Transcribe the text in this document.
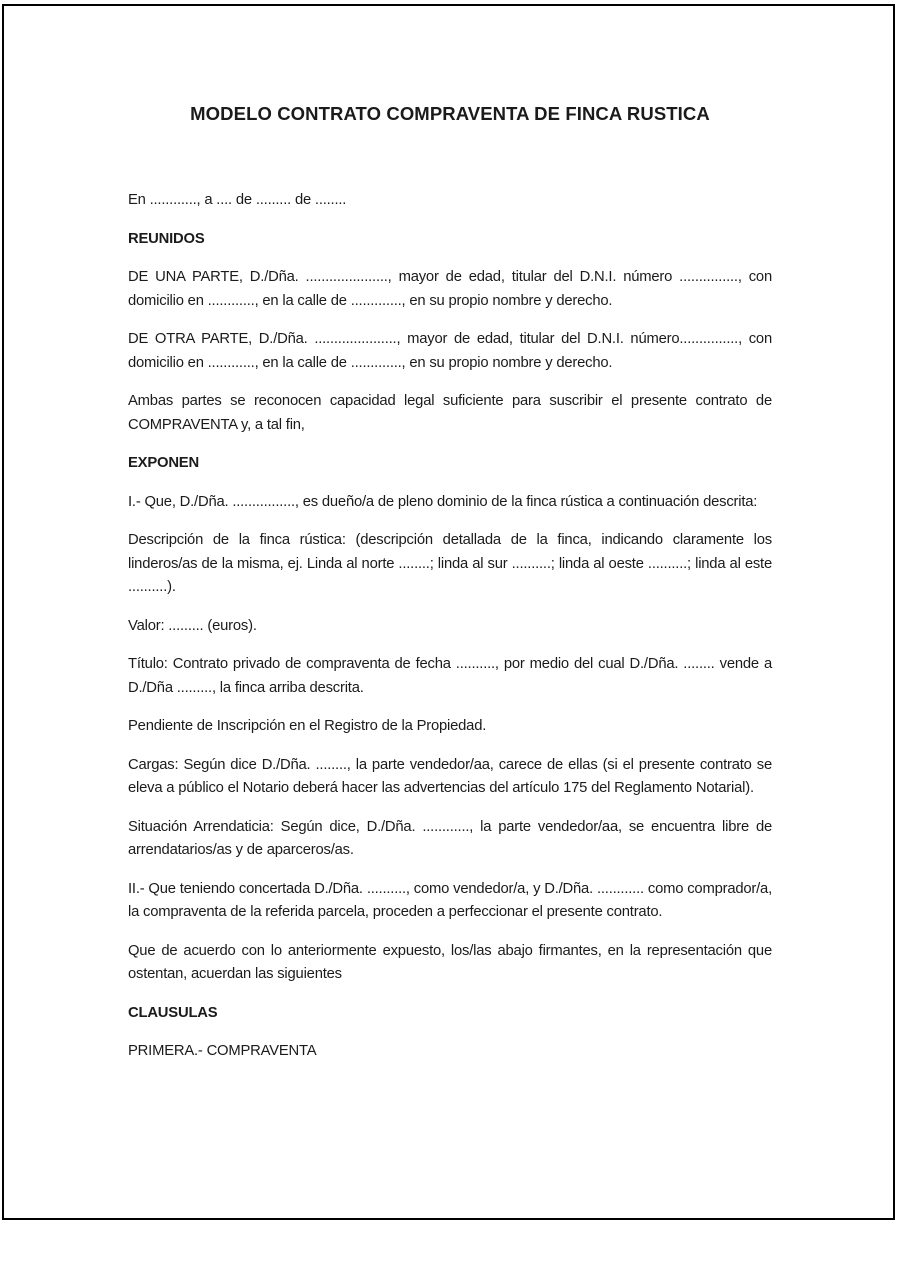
MODELO CONTRATO COMPRAVENTA DE FINCA RUSTICA

En ............, a .... de ......... de ........

REUNIDOS

DE UNA PARTE, D./Dña. ....................., mayor de edad, titular del D.N.I. número ..............., con domicilio en ............, en la calle de ............., en su propio nombre y derecho.

DE OTRA PARTE, D./Dña. ....................., mayor de edad, titular del D.N.I. número..............., con domicilio en ............, en la calle de ............., en su propio nombre y derecho.

Ambas partes se reconocen capacidad legal suficiente para suscribir el presente contrato de COMPRAVENTA y, a tal fin,

EXPONEN

I.- Que, D./Dña. ................, es dueño/a de pleno dominio de la finca rústica a continuación descrita:

Descripción de la finca rústica: (descripción detallada de la finca, indicando claramente los linderos/as de la misma, ej. Linda al norte ........; linda al sur ..........; linda al oeste ..........; linda al este ..........).

Valor: ......... (euros).

Título: Contrato privado de compraventa de fecha .........., por medio del cual D./Dña. ........ vende a D./Dña ........., la finca arriba descrita.

Pendiente de Inscripción en el Registro de la Propiedad.

Cargas: Según dice D./Dña. ........, la parte vendedor/aa, carece de ellas (si el presente contrato se eleva a público el Notario deberá hacer las advertencias del artículo 175 del Reglamento Notarial).

Situación Arrendaticia: Según dice, D./Dña. ............, la parte vendedor/aa, se encuentra libre de arrendatarios/as y de aparceros/as.

II.- Que teniendo concertada D./Dña. .........., como vendedor/a, y D./Dña. ............ como comprador/a, la compraventa de la referida parcela, proceden a perfeccionar el presente contrato.

Que de acuerdo con lo anteriormente expuesto, los/las abajo firmantes, en la representación que ostentan, acuerdan las siguientes

CLAUSULAS

PRIMERA.- COMPRAVENTA
